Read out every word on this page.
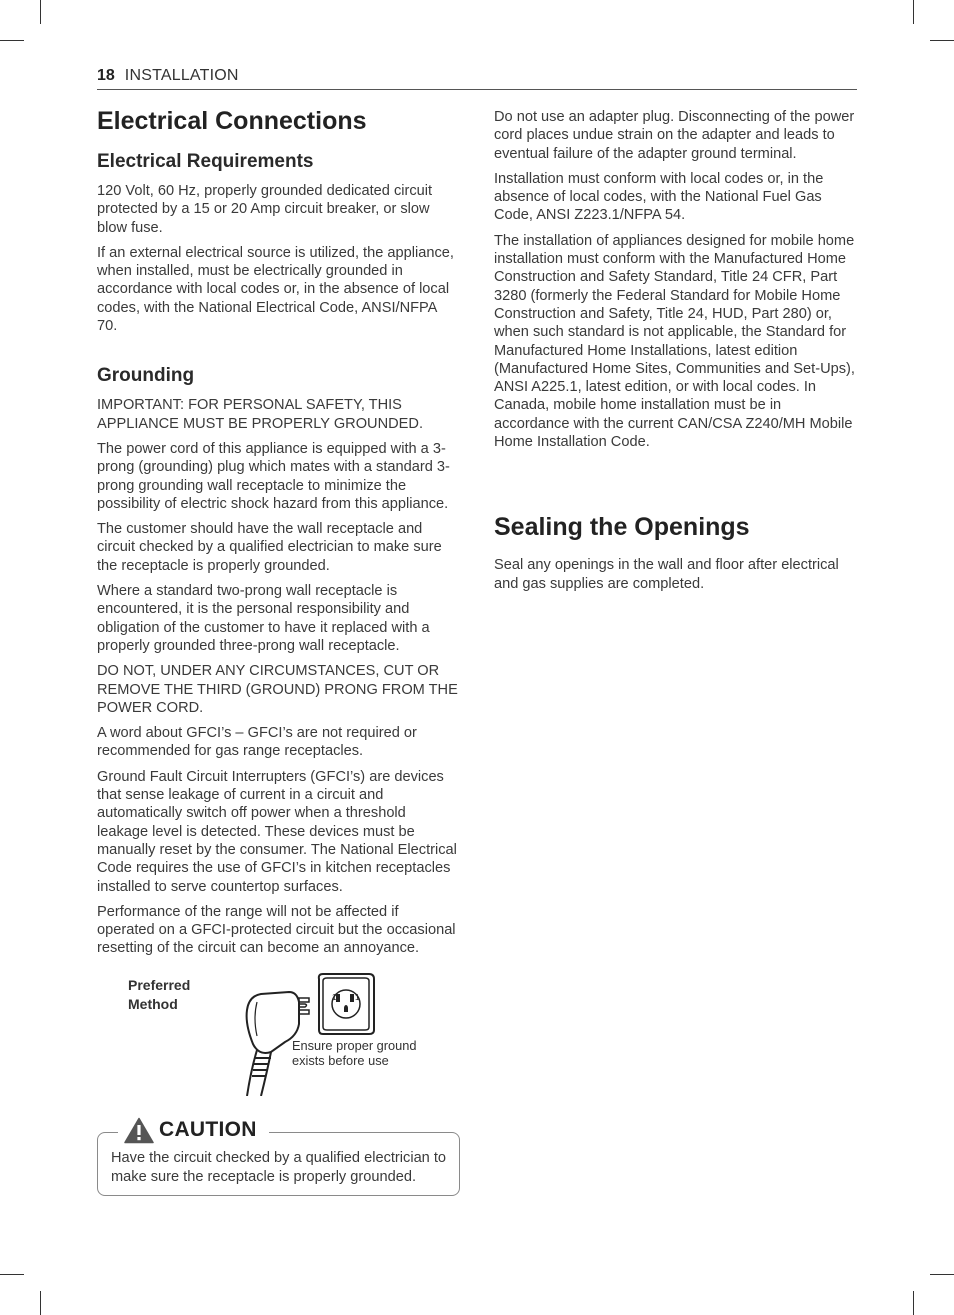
18 INSTALLATION
Electrical Connections
Electrical Requirements

120 Volt, 60 Hz, properly grounded dedicated circuit protected by a 15 or 20 Amp circuit breaker, or slow blow fuse.

If an external electrical source is utilized, the appliance, when installed, must be electrically grounded in accordance with local codes or, in the absence of local codes, with the National Electrical Code, ANSI/NFPA 70.

Grounding

IMPORTANT: FOR PERSONAL SAFETY, THIS APPLIANCE MUST BE PROPERLY GROUNDED.

The power cord of this appliance is equipped with a 3-prong (grounding) plug which mates with a standard 3-prong grounding wall receptacle to minimize the possibility of electric shock hazard from this appliance.

The customer should have the wall receptacle and circuit checked by a qualified electrician to make sure the receptacle is properly grounded.

Where a standard two-prong wall receptacle is encountered, it is the personal responsibility and obligation of the customer to have it replaced with a properly grounded three-prong wall receptacle.

DO NOT, UNDER ANY CIRCUMSTANCES, CUT OR REMOVE THE THIRD (GROUND) PRONG FROM THE POWER CORD.

A word about GFCI’s – GFCI’s are not required or recommended for gas range receptacles.

Ground Fault Circuit Interrupters (GFCI’s) are devices that sense leakage of current in a circuit and automatically switch off power when a threshold leakage level is detected. These devices must be manually reset by the consumer. The National Electrical Code requires the use of GFCI’s in kitchen receptacles installed to serve countertop surfaces.

Performance of the range will not be affected if operated on a GFCI-protected circuit but the occasional resetting of the circuit can become an annoyance.

Preferred
Method	1 1
Ensure proper ground
exists before use
CAUTION

Have the circuit checked by a qualified electrician to make sure the receptacle is properly grounded.

Do not use an adapter plug. Disconnecting of the power cord places undue strain on the adapter and leads to eventual failure of the adapter ground terminal.

Installation must conform with local codes or, in the absence of local codes, with the National Fuel Gas Code, ANSI Z223.1/NFPA 54.

The installation of appliances designed for mobile home installation must conform with the Manufactured Home Construction and Safety Standard, Title 24 CFR, Part 3280 (formerly the Federal Standard for Mobile Home Construction and Safety, Title 24, HUD, Part 280) or, when such standard is not applicable, the Standard for Manufactured Home Installations, latest edition (Manufactured Home Sites, Communities and Set-Ups), ANSI A225.1, latest edition, or with local codes. In Canada, mobile home installation must be in accordance with the current CAN/CSA Z240/MH Mobile Home Installation Code.

Sealing the Openings

Seal any openings in the wall and floor after electrical and gas supplies are completed.
